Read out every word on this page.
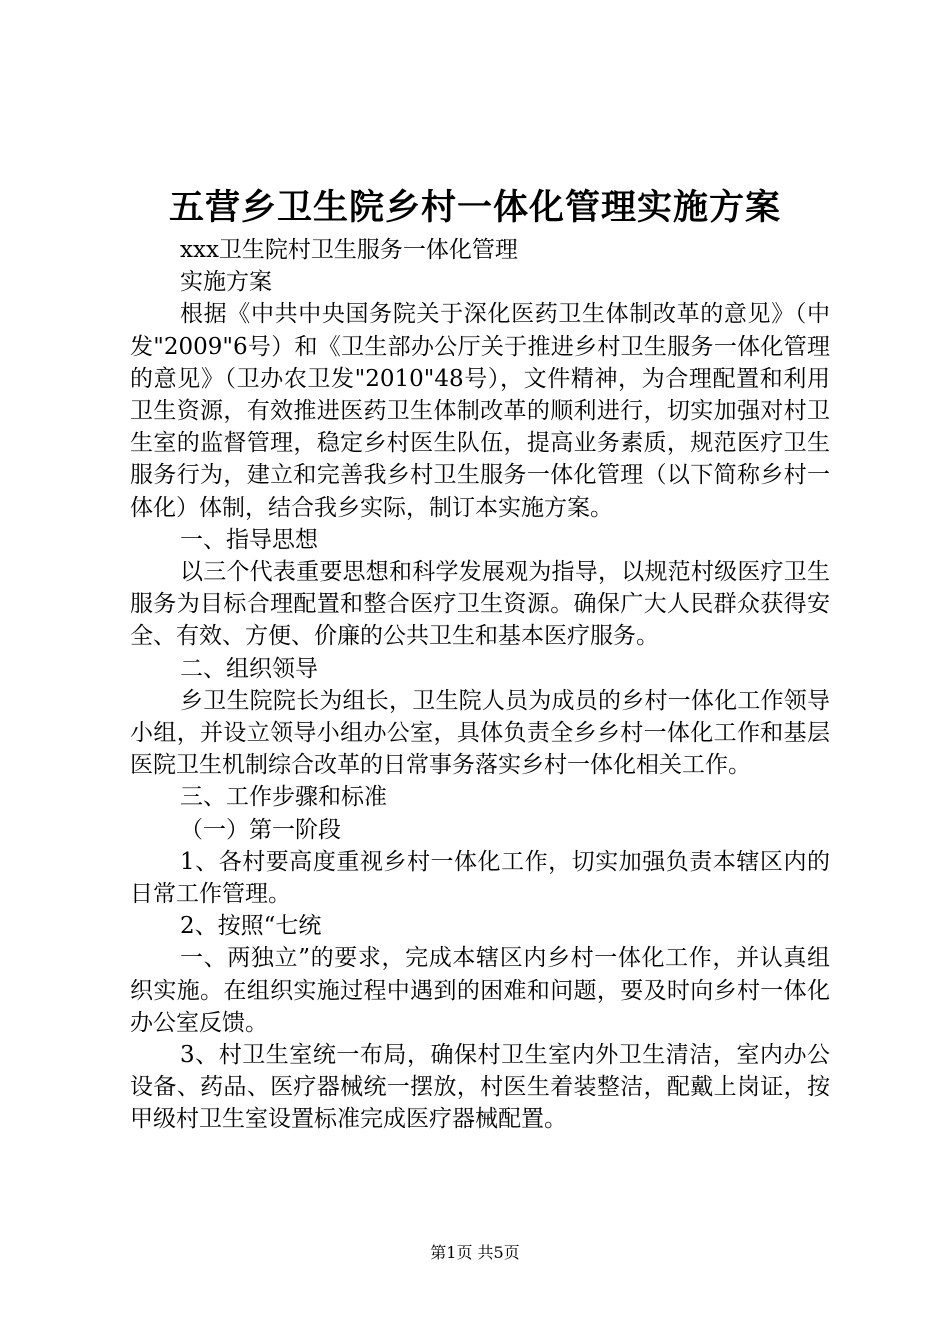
五营乡卫生院乡村一体化管理实施方案

xxx卫生院村卫生服务一体化管理

实施方案

根据《中共中央国务院关于深化医药卫生体制改革的意见》（中发"2009"6号）和《卫生部办公厅关于推进乡村卫生服务一体化管理的意见》（卫办农卫发"2010"48号），文件精神，为合理配置和利用卫生资源，有效推进医药卫生体制改革的顺利进行，切实加强对村卫生室的监督管理，稳定乡村医生队伍，提高业务素质，规范医疗卫生服务行为，建立和完善我乡村卫生服务一体化管理（以下简称乡村一体化）体制，结合我乡实际，制订本实施方案。

一、指导思想

以三个代表重要思想和科学发展观为指导，以规范村级医疗卫生服务为目标合理配置和整合医疗卫生资源。确保广大人民群众获得安全、有效、方便、价廉的公共卫生和基本医疗服务。

二、组织领导

乡卫生院院长为组长，卫生院人员为成员的乡村一体化工作领导小组，并设立领导小组办公室，具体负责全乡乡村一体化工作和基层医院卫生机制综合改革的日常事务落实乡村一体化相关工作。

三、工作步骤和标准

（一）第一阶段

1、各村要高度重视乡村一体化工作，切实加强负责本辖区内的日常工作管理。

2、按照“七统

一、两独立”的要求，完成本辖区内乡村一体化工作，并认真组织实施。在组织实施过程中遇到的困难和问题，要及时向乡村一体化办公室反馈。

3、村卫生室统一布局，确保村卫生室内外卫生清洁，室内办公设备、药品、医疗器械统一摆放，村医生着装整洁，配戴上岗证，按甲级村卫生室设置标准完成医疗器械配置。

第1页 共5页
